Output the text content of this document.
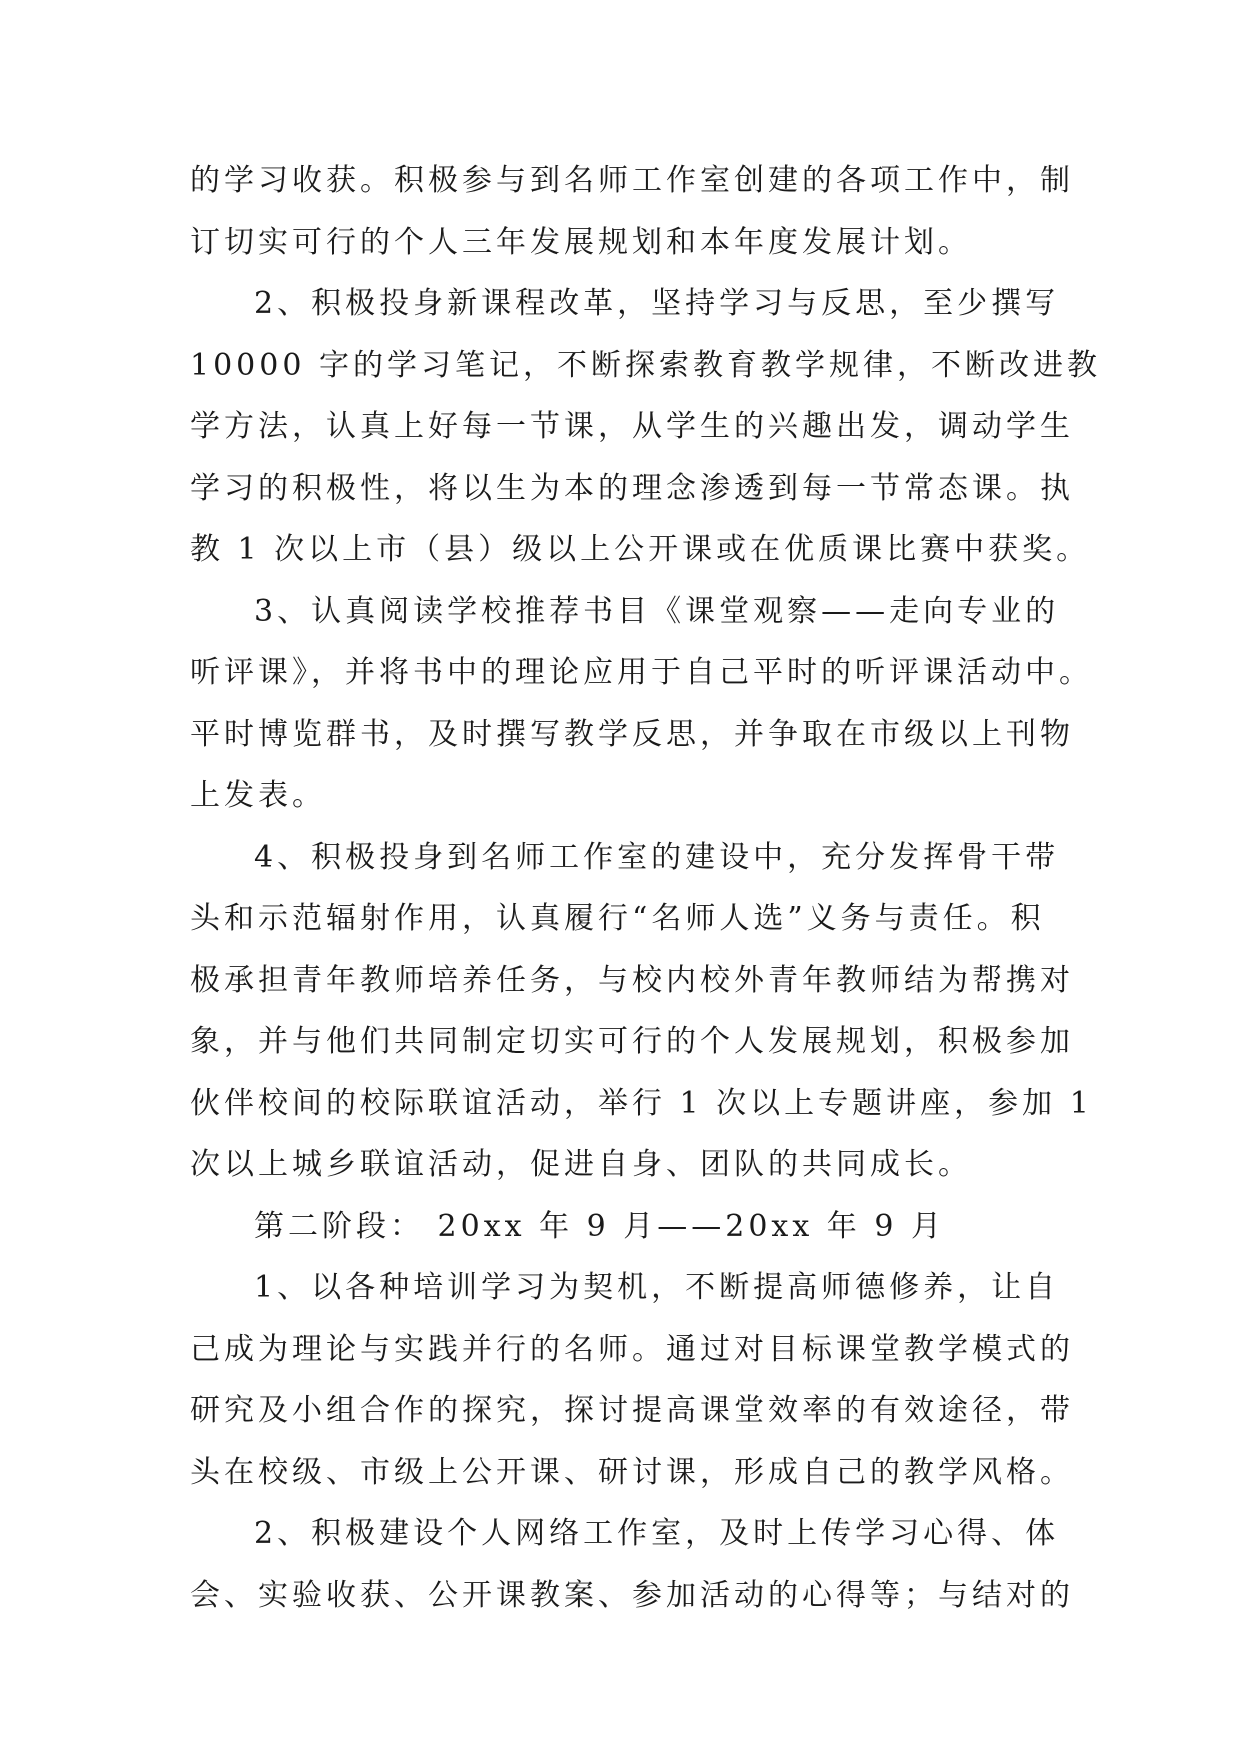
的学习收获。积极参与到名师工作室创建的各项工作中，制
订切实可行的个人三年发展规划和本年度发展计划。
2、积极投身新课程改革，坚持学习与反思，至少撰写
10000 字的学习笔记，不断探索教育教学规律，不断改进教
学方法，认真上好每一节课，从学生的兴趣出发，调动学生
学习的积极性，将以生为本的理念渗透到每一节常态课。执
教 1 次以上市（县）级以上公开课或在优质课比赛中获奖。
3、认真阅读学校推荐书目《课堂观察——走向专业的
听评课》，并将书中的理论应用于自己平时的听评课活动中。
平时博览群书，及时撰写教学反思，并争取在市级以上刊物
上发表。
4、积极投身到名师工作室的建设中，充分发挥骨干带
头和示范辐射作用，认真履行“名师人选”义务与责任。积
极承担青年教师培养任务，与校内校外青年教师结为帮携对
象，并与他们共同制定切实可行的个人发展规划，积极参加
伙伴校间的校际联谊活动，举行 1 次以上专题讲座，参加 1
次以上城乡联谊活动，促进自身、团队的共同成长。
第二阶段： 20xx 年 9 月——20xx 年 9 月
1、以各种培训学习为契机，不断提高师德修养，让自
己成为理论与实践并行的名师。通过对目标课堂教学模式的
研究及小组合作的探究，探讨提高课堂效率的有效途径，带
头在校级、市级上公开课、研讨课，形成自己的教学风格。
2、积极建设个人网络工作室，及时上传学习心得、体
会、实验收获、公开课教案、参加活动的心得等；与结对的
